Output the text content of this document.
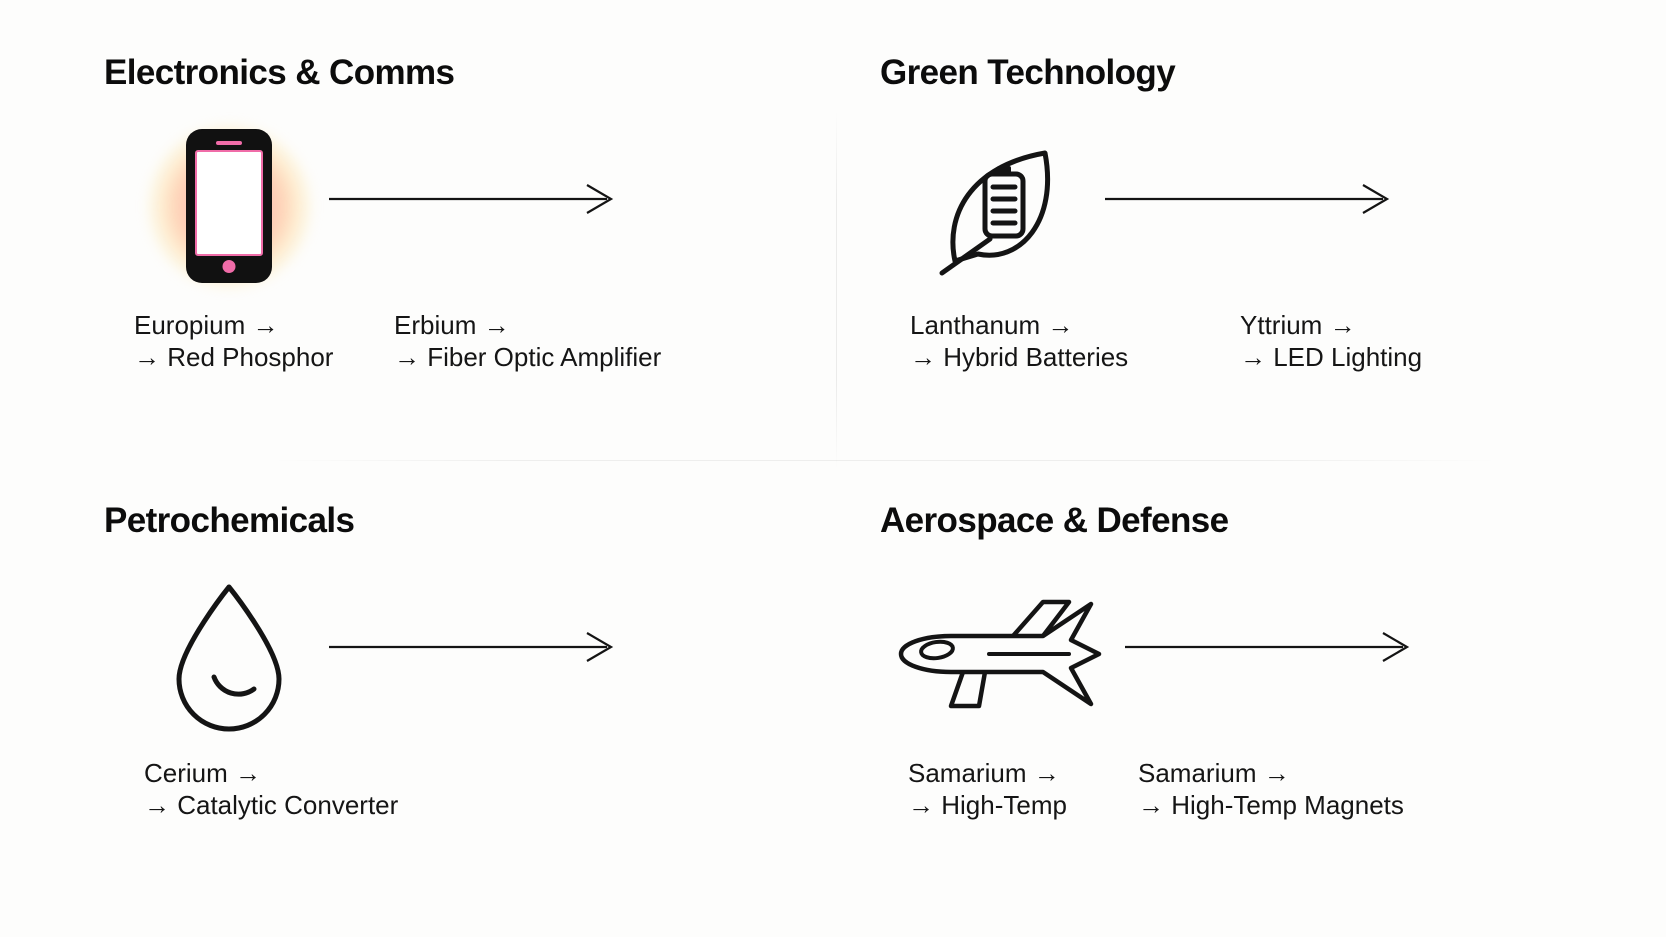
Electronics & Comms
Europium →
→ Red Phosphor
Erbium →
→ Fiber Optic Amplifier
Green Technology
Lanthanum →
→ Hybrid Batteries
Yttrium →
→ LED Lighting
Petrochemicals
Cerium →
→ Catalytic Converter
Aerospace & Defense
Samarium →
→ High-Temp
Samarium →
→ High-Temp Magnets
